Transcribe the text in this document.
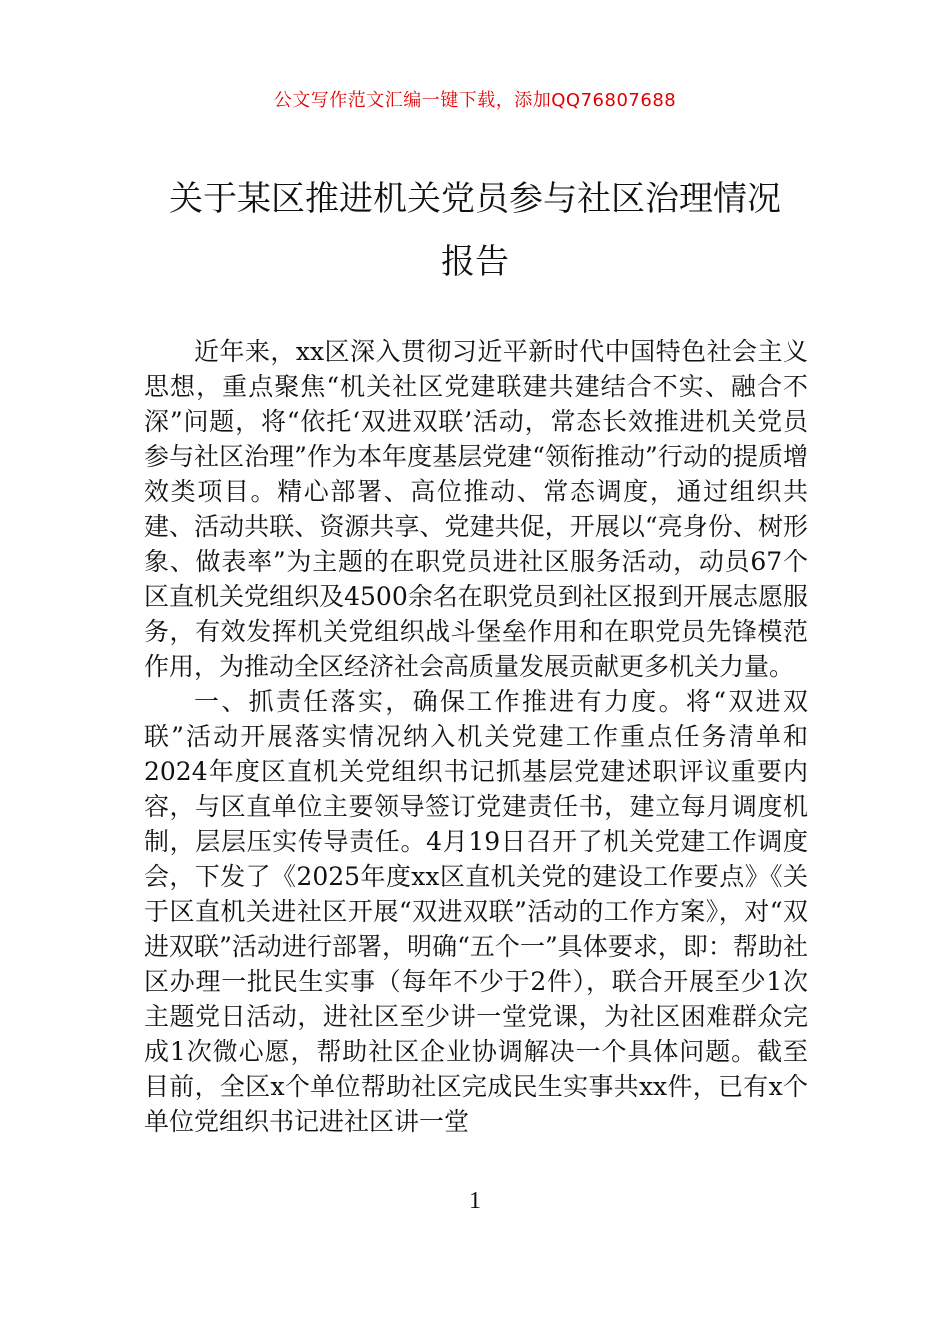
公文写作范文汇编一键下载，添加QQ76807688
关于某区推进机关党员参与社区治理情况
报告

近年来，xx区深入贯彻习近平新时代中国特色社会主义思想，重点聚焦“机关社区党建联建共建结合不实、融合不深”问题，将“依托‘双进双联’活动，常态长效推进机关党员参与社区治理”作为本年度基层党建“领衔推动”行动的提质增效类项目。精心部署、高位推动、常态调度，通过组织共建、活动共联、资源共享、党建共促，开展以“亮身份、树形象、做表率”为主题的在职党员进社区服务活动，动员67个区直机关党组织及4500余名在职党员到社区报到开展志愿服务，有效发挥机关党组织战斗堡垒作用和在职党员先锋模范作用，为推动全区经济社会高质量发展贡献更多机关力量。

一、抓责任落实，确保工作推进有力度。将“双进双联”活动开展落实情况纳入机关党建工作重点任务清单和2024年度区直机关党组织书记抓基层党建述职评议重要内容，与区直单位主要领导签订党建责任书，建立每月调度机制，层层压实传导责任。4月19日召开了机关党建工作调度会，下发了《2025年度xx区直机关党的建设工作要点》《关于区直机关进社区开展“双进双联”活动的工作方案》，对“双进双联”活动进行部署，明确“五个一”具体要求，即：帮助社区办理一批民生实事（每年不少于2件），联合开展至少1次主题党日活动，进社区至少讲一堂党课，为社区困难群众完成1次微心愿，帮助社区企业协调解决一个具体问题。截至目前，全区x个单位帮助社区完成民生实事共xx件，已有x个单位党组织书记进社区讲一堂

1
